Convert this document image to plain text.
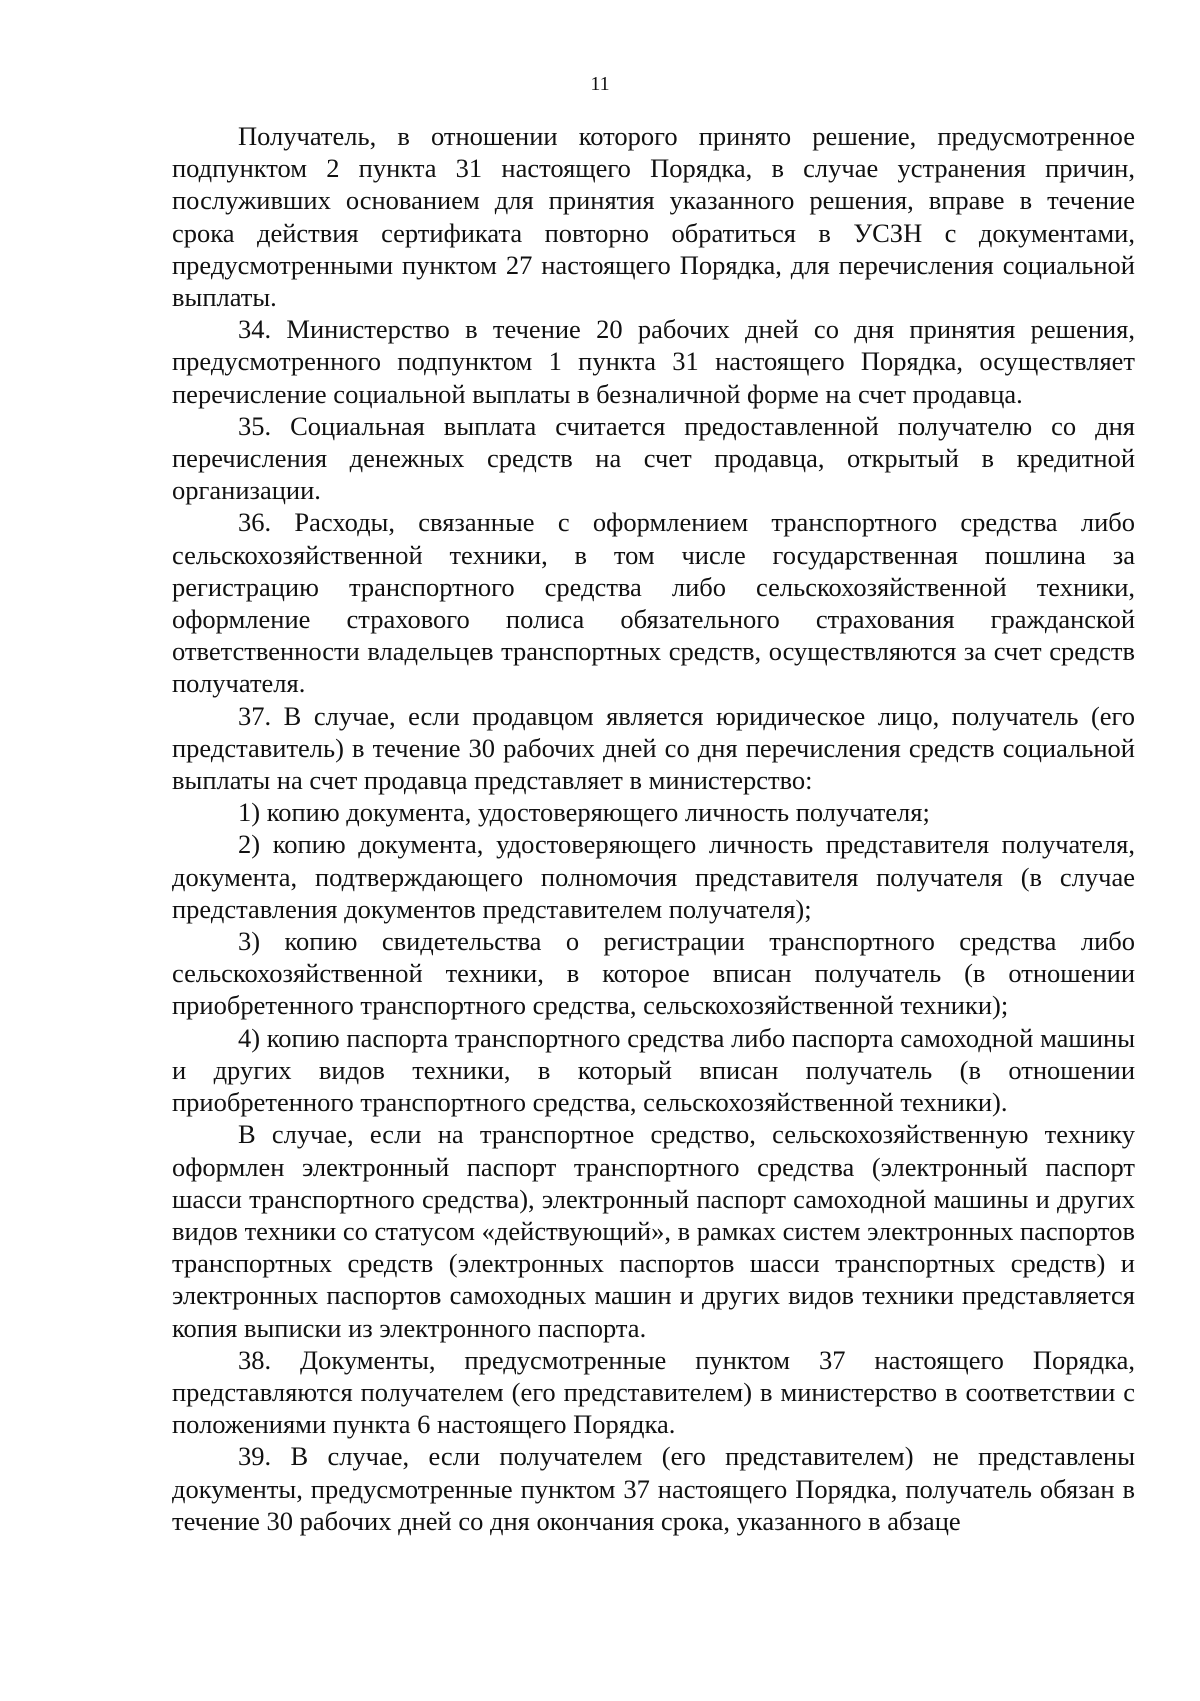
11

Получатель, в отношении которого принято решение, предусмотренное подпунктом 2 пункта 31 настоящего Порядка, в случае устранения причин, послуживших основанием для принятия указанного решения, вправе в течение срока действия сертификата повторно обратиться в УСЗН с документами, предусмотренными пунктом 27 настоящего Порядка, для перечисления социальной выплаты.

34. Министерство в течение 20 рабочих дней со дня принятия решения, предусмотренного подпунктом 1 пункта 31 настоящего Порядка, осуществляет перечисление социальной выплаты в безналичной форме на счет продавца.

35. Социальная выплата считается предоставленной получателю со дня перечисления денежных средств на счет продавца, открытый в кредитной организации.

36. Расходы, связанные с оформлением транспортного средства либо сельскохозяйственной техники, в том числе государственная пошлина за регистрацию транспортного средства либо сельскохозяйственной техники, оформление страхового полиса обязательного страхования гражданской ответственности владельцев транспортных средств, осуществляются за счет средств получателя.

37. В случае, если продавцом является юридическое лицо, получатель (его представитель) в течение 30 рабочих дней со дня перечисления средств социальной выплаты на счет продавца представляет в министерство:

1) копию документа, удостоверяющего личность получателя;

2) копию документа, удостоверяющего личность представителя получателя, документа, подтверждающего полномочия представителя получателя (в случае представления документов представителем получателя);

3) копию свидетельства о регистрации транспортного средства либо сельскохозяйственной техники, в которое вписан получатель (в отношении приобретенного транспортного средства, сельскохозяйственной техники);

4) копию паспорта транспортного средства либо паспорта самоходной машины и других видов техники, в который вписан получатель (в отношении приобретенного транспортного средства, сельскохозяйственной техники).

В случае, если на транспортное средство, сельскохозяйственную технику оформлен электронный паспорт транспортного средства (электронный паспорт шасси транспортного средства), электронный паспорт самоходной машины и других видов техники со статусом «действующий», в рамках систем электронных паспортов транспортных средств (электронных паспортов шасси транспортных средств) и электронных паспортов самоходных машин и других видов техники представляется копия выписки из электронного паспорта.

38. Документы, предусмотренные пунктом 37 настоящего Порядка, представляются получателем (его представителем) в министерство в соответствии с положениями пункта 6 настоящего Порядка.

39. В случае, если получателем (его представителем) не представлены документы, предусмотренные пунктом 37 настоящего Порядка, получатель обязан в течение 30 рабочих дней со дня окончания срока, указанного в абзаце
